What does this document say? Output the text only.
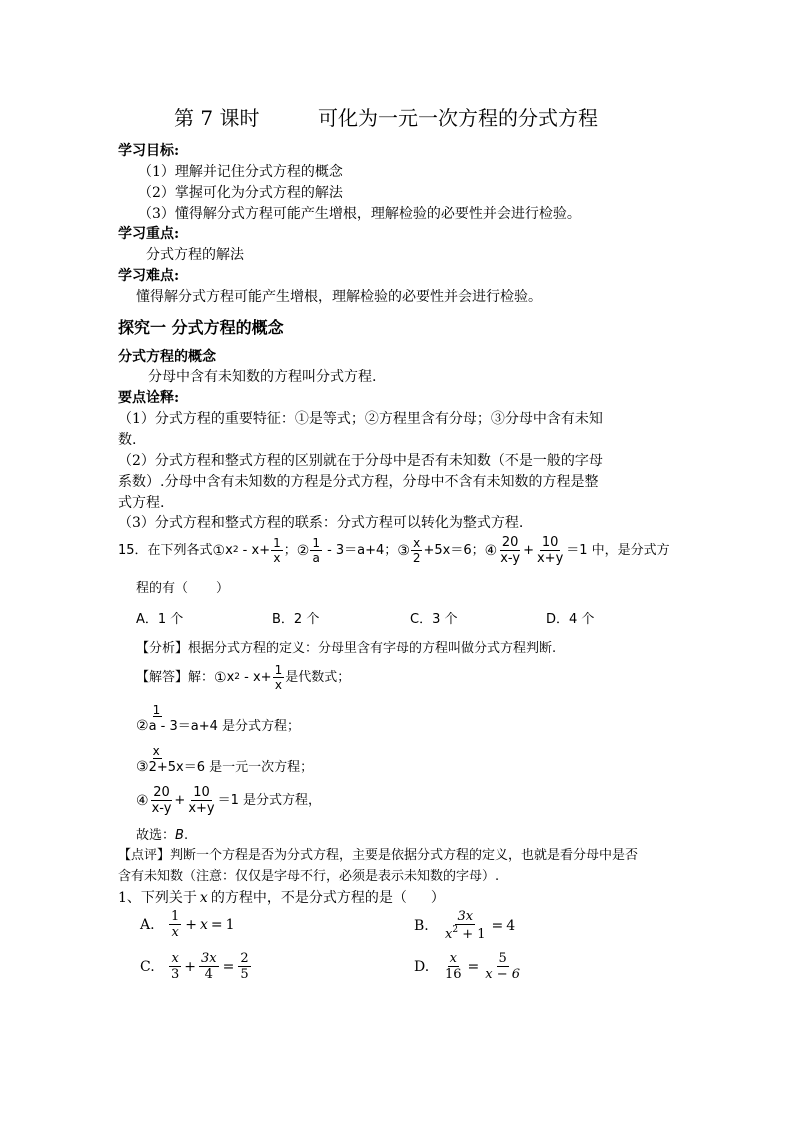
第 7 课时	可化为一元一次方程的分式方程
学习目标:
（1）理解并记住分式方程的概念
（2）掌握可化为分式方程的解法
（3）懂得解分式方程可能产生增根，理解检验的必要性并会进行检验。
学习重点:
分式方程的解法
学习难点:
懂得解分式方程可能产生增根，理解检验的必要性并会进行检验。
探究一 分式方程的概念
分式方程的概念
分母中含有未知数的方程叫分式方程.
要点诠释:
（1）分式方程的重要特征：①是等式；②方程里含有分母；③分母中含有未知
数.
（2）分式方程和整式方程的区别就在于分母中是否有未知数（不是一般的字母
系数）.分母中含有未知数的方程是分式方程，分母中不含有未知数的方程是整
式方程.
（3）分式方程和整式方程的联系：分式方程可以转化为整式方程.
15．在下列各式 ① x $2 - x+ \frac{1}{x}$ ； ② $\frac{1}{a} - 3=a+4$； ③ $\frac{x}{2} +5x=6$； ④ $\frac{20}{x-y} + \frac{10}{x+y} =1$ 中，是分式方
程的有（ ）
A．1 个	B．2 个	C．3 个	D．4 个
【分析】根据分式方程的定义：分母里含有字母的方程叫做分式方程判断.
【解答】解： ① x $2 - x+ \frac{1}{x}$ 是代数式；
②
1
a - 3＝a+4 是分式方程；
③
x
2+5x＝6 是一元一次方程；
④ $\frac{20}{x-y} + \frac{10}{x+y} =1$ 是分式方程，
故选：B.
【点评】判断一个方程是否为分式方程，主要是依据分式方程的定义，也就是看分母中是否
含有未知数（注意：仅仅是字母不行，必须是表示未知数的字母）.
1、下列关于 x 的方程中，不是分式方程的是（ ）
A.	$\frac{1}{x} + x = 1$	B.	$\frac{3x}{x^2 + 1} = 4$
C.	$\frac{x}{3} + \frac{3x}{4} = \frac{2}{5}$	D.	$\frac{x}{16} = \frac{5}{x - 6}$
